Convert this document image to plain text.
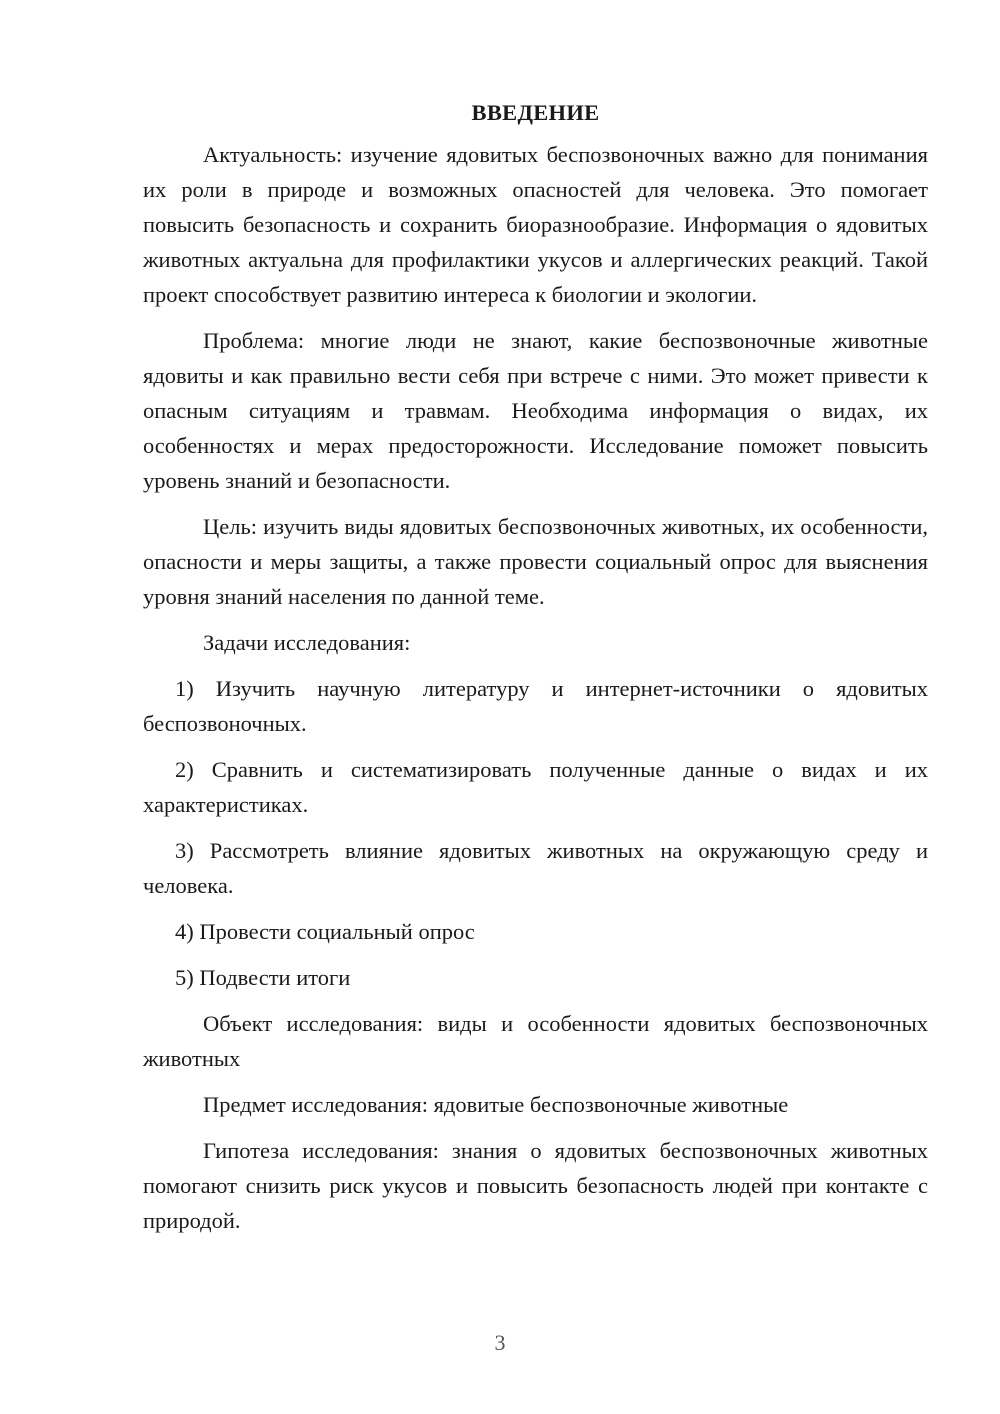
ВВЕДЕНИЕ

Актуальность: изучение ядовитых беспозвоночных важно для понимания их роли в природе и возможных опасностей для человека. Это помогает повысить безопасность и сохранить биоразнообразие. Информация о ядовитых животных актуальна для профилактики укусов и аллергических реакций. Такой проект способствует развитию интереса к биологии и экологии.

Проблема: многие люди не знают, какие беспозвоночные животные ядовиты и как правильно вести себя при встрече с ними. Это может привести к опасным ситуациям и травмам. Необходима информация о видах, их особенностях и мерах предосторожности. Исследование поможет повысить уровень знаний и безопасности.

Цель: изучить виды ядовитых беспозвоночных животных, их особенности, опасности и меры защиты, а также провести социальный опрос для выяснения уровня знаний населения по данной теме.

Задачи исследования:

1) Изучить научную литературу и интернет-источники о ядовитых беспозвоночных.

2) Сравнить и систематизировать полученные данные о видах и их характеристиках.

3) Рассмотреть влияние ядовитых животных на окружающую среду и человека.

4) Провести социальный опрос

5) Подвести итоги

Объект исследования: виды и особенности ядовитых беспозвоночных животных

Предмет исследования: ядовитые беспозвоночные животные

Гипотеза исследования: знания о ядовитых беспозвоночных животных помогают снизить риск укусов и повысить безопасность людей при контакте с природой.

3
